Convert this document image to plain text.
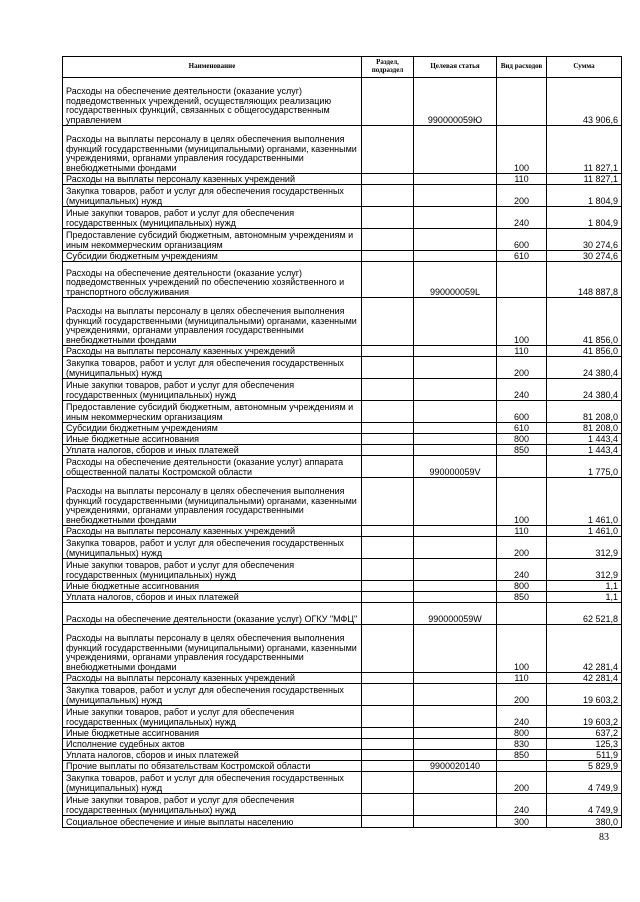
Наименование	Раздел, подраздел	Целевая статья	Вид расходов	Сумма
Расходы на обеспечение деятельности (оказание услуг) подведомственных учреждений, осуществляющих реализацию государственных функций, связанных с общегосударственным управлением		990000059Ю		43 906,6
Расходы на выплаты персоналу в целях обеспечения выполнения функций государственными (муниципальными) органами, казенными учреждениями, органами управления государственными внебюджетными фондами			100	11 827,1
Расходы на выплаты персоналу казенных учреждений			110	11 827,1
Закупка товаров, работ и услуг для обеспечения государственных (муниципальных) нужд			200	1 804,9
Иные закупки товаров, работ и услуг для обеспечения государственных (муниципальных) нужд			240	1 804,9
Предоставление субсидий бюджетным, автономным учреждениям и иным некоммерческим организациям			600	30 274,6
Субсидии бюджетным учреждениям			610	30 274,6
Расходы на обеспечение деятельности (оказание услуг) подведомственных учреждений по обеспечению хозяйственного и транспортного обслуживания		990000059L		148 887,8
Расходы на выплаты персоналу в целях обеспечения выполнения функций государственными (муниципальными) органами, казенными учреждениями, органами управления государственными внебюджетными фондами			100	41 856,0
Расходы на выплаты персоналу казенных учреждений			110	41 856,0
Закупка товаров, работ и услуг для обеспечения государственных (муниципальных) нужд			200	24 380,4
Иные закупки товаров, работ и услуг для обеспечения государственных (муниципальных) нужд			240	24 380,4
Предоставление субсидий бюджетным, автономным учреждениям и иным некоммерческим организациям			600	81 208,0
Субсидии бюджетным учреждениям			610	81 208,0
Иные бюджетные ассигнования			800	1 443,4
Уплата налогов, сборов и иных платежей			850	1 443,4
Расходы на обеспечение деятельности (оказание услуг) аппарата общественной палаты Костромской области		990000059V		1 775,0
Расходы на выплаты персоналу в целях обеспечения выполнения функций государственными (муниципальными) органами, казенными учреждениями, органами управления государственными внебюджетными фондами			100	1 461,0
Расходы на выплаты персоналу казенных учреждений			110	1 461,0
Закупка товаров, работ и услуг для обеспечения государственных (муниципальных) нужд			200	312,9
Иные закупки товаров, работ и услуг для обеспечения государственных (муниципальных) нужд			240	312,9
Иные бюджетные ассигнования			800	1,1
Уплата налогов, сборов и иных платежей			850	1,1
Расходы на обеспечение деятельности (оказание услуг) ОГКУ "МФЦ"		990000059W		62 521,8
Расходы на выплаты персоналу в целях обеспечения выполнения функций государственными (муниципальными) органами, казенными учреждениями, органами управления государственными внебюджетными фондами			100	42 281,4
Расходы на выплаты персоналу казенных учреждений			110	42 281,4
Закупка товаров, работ и услуг для обеспечения государственных (муниципальных) нужд			200	19 603,2
Иные закупки товаров, работ и услуг для обеспечения государственных (муниципальных) нужд			240	19 603,2
Иные бюджетные ассигнования			800	637,2
Исполнение судебных актов			830	125,3
Уплата налогов, сборов и иных платежей			850	511,9
Прочие выплаты по обязательствам Костромской области		9900020140		5 829,9
Закупка товаров, работ и услуг для обеспечения государственных (муниципальных) нужд			200	4 749,9
Иные закупки товаров, работ и услуг для обеспечения государственных (муниципальных) нужд			240	4 749,9
Социальное обеспечение и иные выплаты населению			300	380,0
83
